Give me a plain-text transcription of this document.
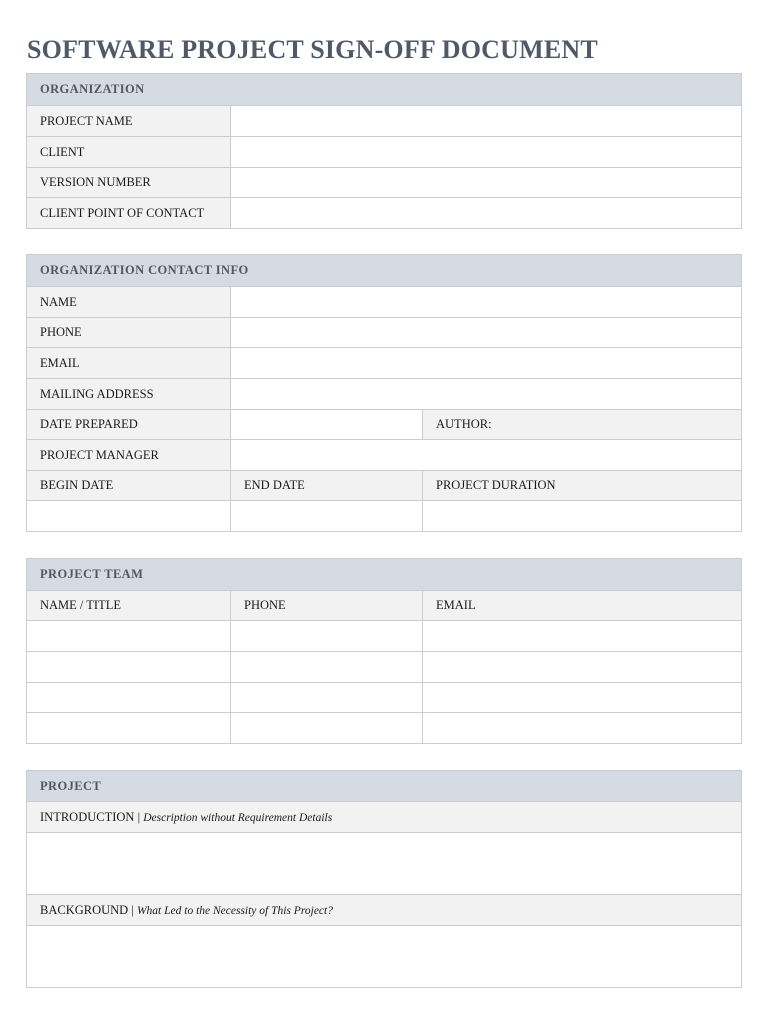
SOFTWARE PROJECT SIGN-OFF DOCUMENT
ORGANIZATION	
PROJECT NAME	
CLIENT	
VERSION NUMBER	
CLIENT POINT OF CONTACT	
ORGANIZATION CONTACT INFO		
NAME		
PHONE		
EMAIL		
MAILING ADDRESS		
DATE PREPARED		AUTHOR:
PROJECT MANAGER		
BEGIN DATE	END DATE	PROJECT DURATION

PROJECT TEAM		
NAME / TITLE	PHONE	EMAIL

PROJECT
INTRODUCTION | Description without Requirement Details

BACKGROUND | What Led to the Necessity of This Project?
